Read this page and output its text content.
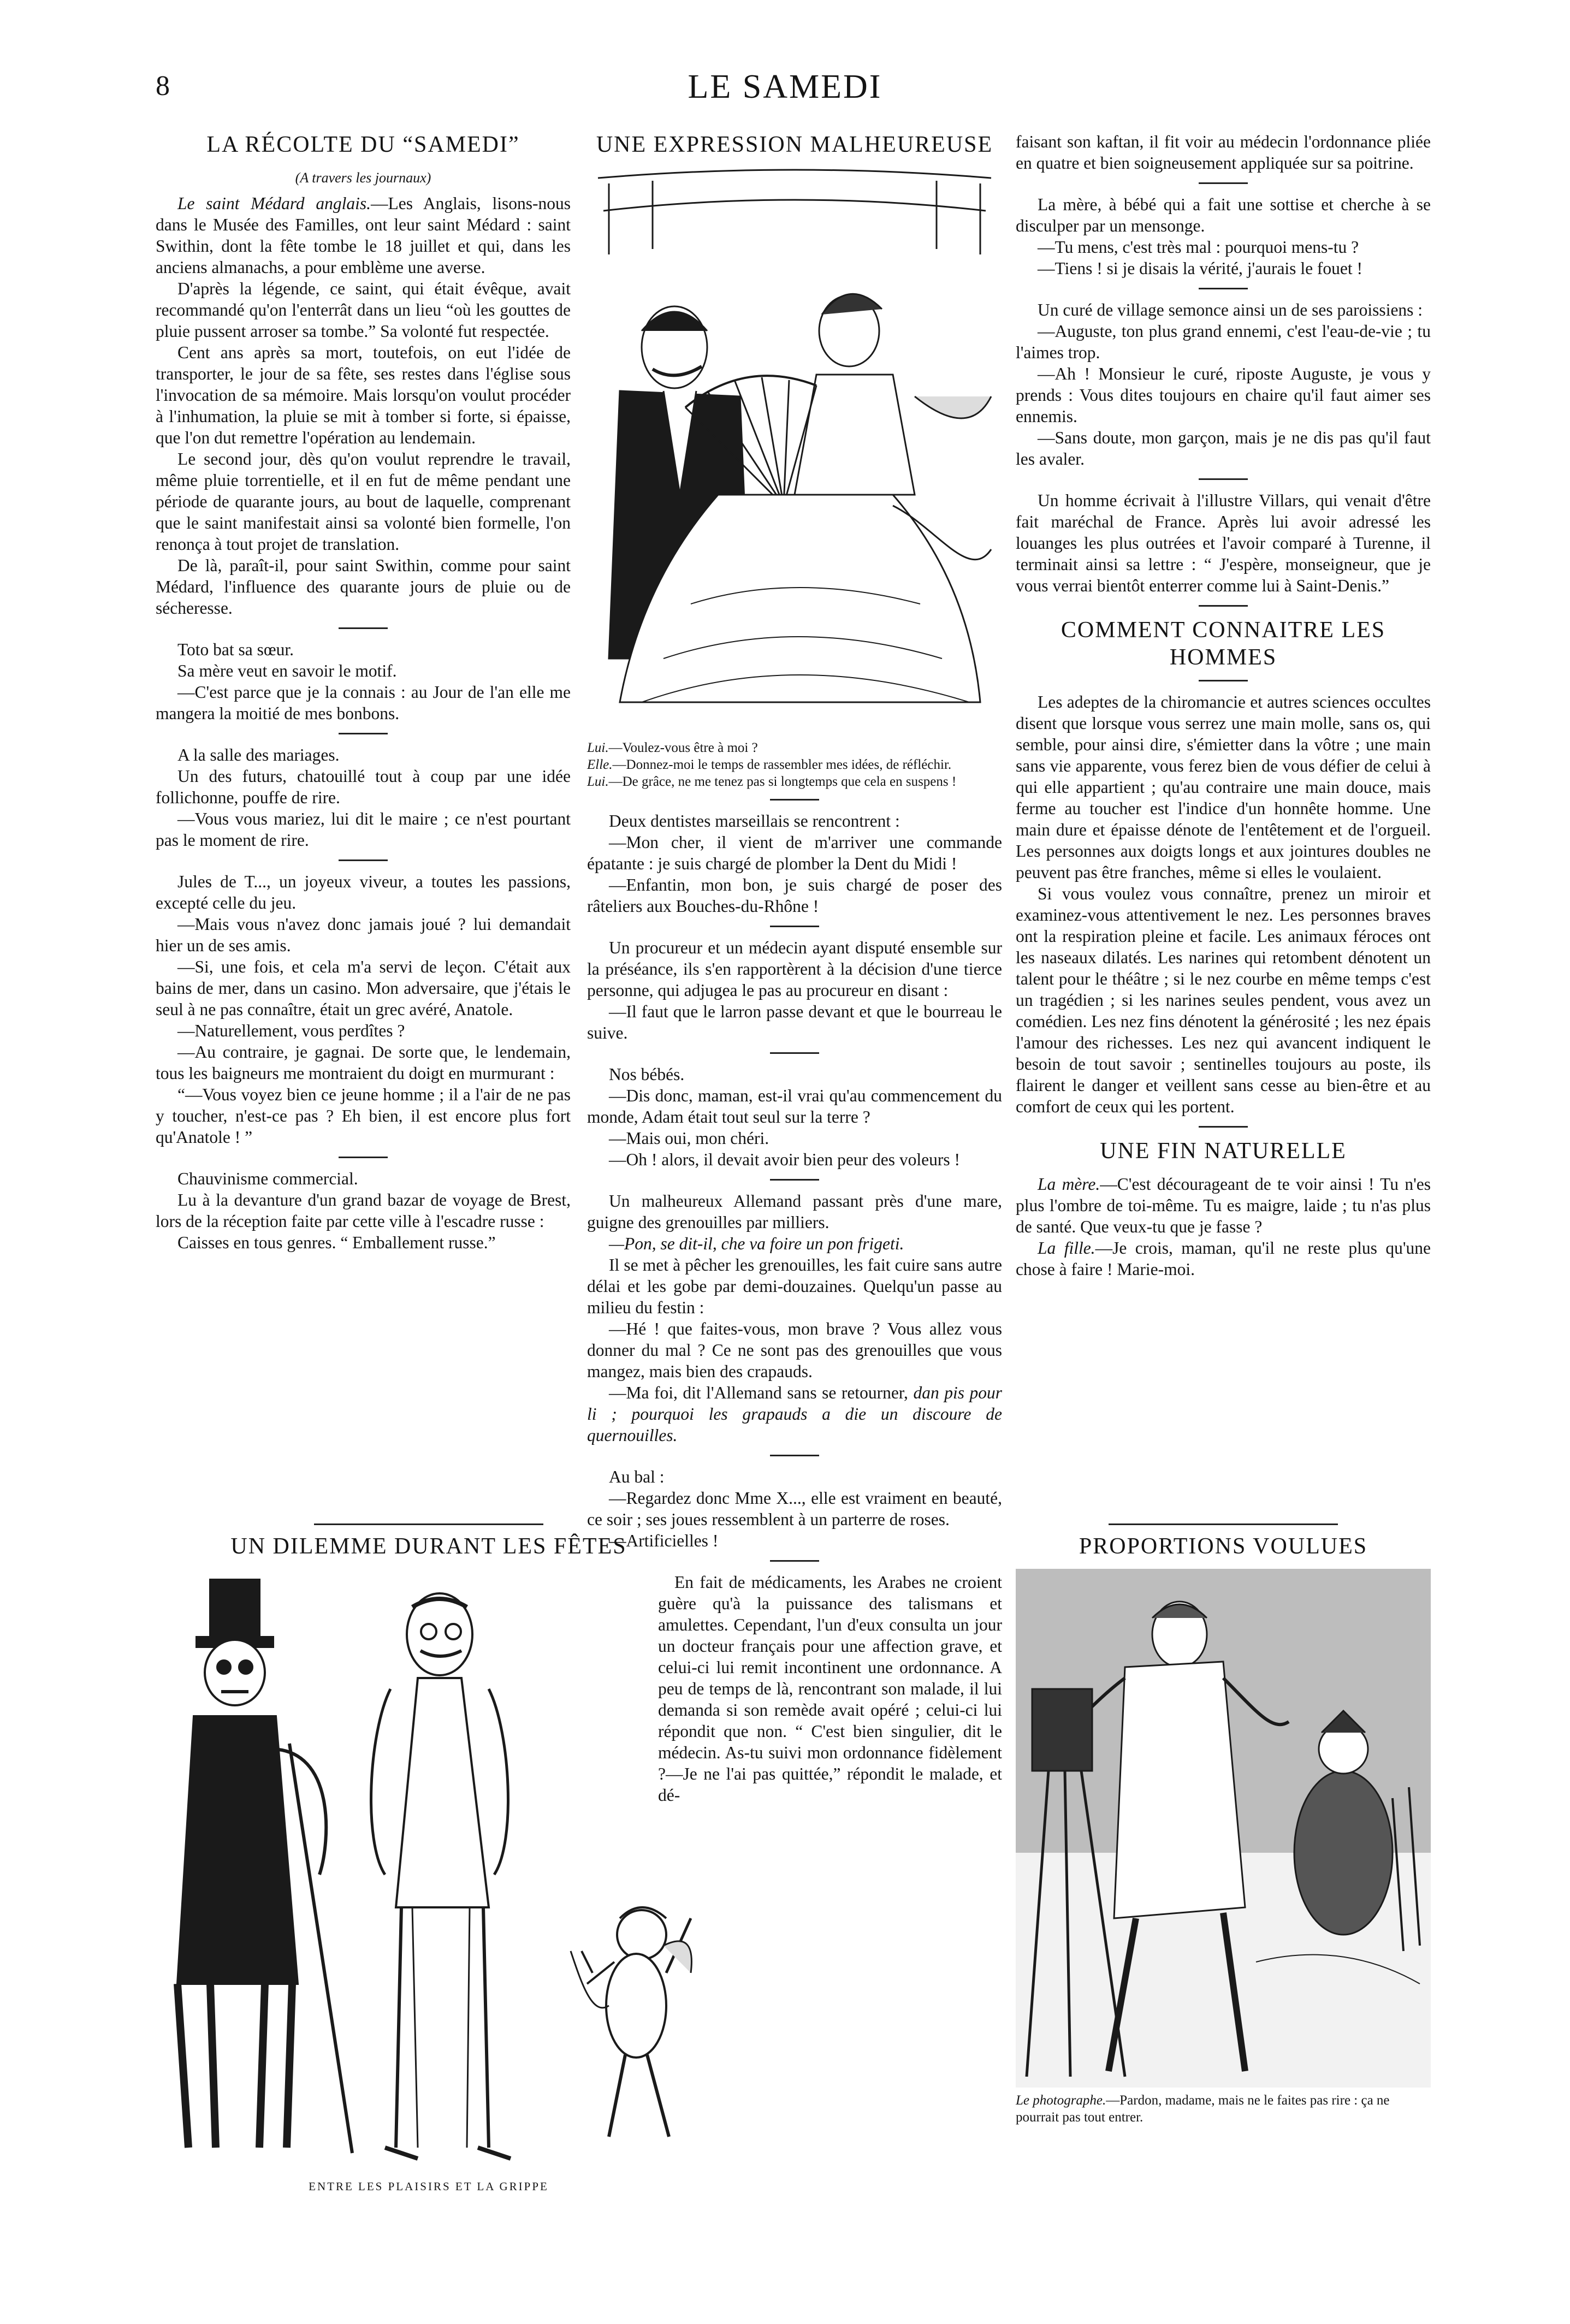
8	LE SAMEDI
LA RÉCOLTE DU “SAMEDI”
(A travers les journaux)

Le saint Médard anglais.—Les Anglais, lisons-nous dans le Musée des Familles, ont leur saint Médard : saint Swithin, dont la fête tombe le 18 juillet et qui, dans les anciens almanachs, a pour emblème une averse.

D'après la légende, ce saint, qui était évêque, avait recommandé qu'on l'enterrât dans un lieu “où les gouttes de pluie pussent arroser sa tombe.” Sa volonté fut respectée.

Cent ans après sa mort, toutefois, on eut l'idée de transporter, le jour de sa fête, ses restes dans l'église sous l'invocation de sa mémoire. Mais lorsqu'on voulut procéder à l'inhumation, la pluie se mit à tomber si forte, si épaisse, que l'on dut remettre l'opération au lendemain.

Le second jour, dès qu'on voulut reprendre le travail, même pluie torrentielle, et il en fut de même pendant une période de quarante jours, au bout de laquelle, comprenant que le saint manifestait ainsi sa volonté bien formelle, l'on renonça à tout projet de translation.

De là, paraît-il, pour saint Swithin, comme pour saint Médard, l'influence des quarante jours de pluie ou de sécheresse.

Toto bat sa sœur.

Sa mère veut en savoir le motif.

—C'est parce que je la connais : au Jour de l'an elle me mangera la moitié de mes bonbons.

A la salle des mariages.

Un des futurs, chatouillé tout à coup par une idée follichonne, pouffe de rire.

—Vous vous mariez, lui dit le maire ; ce n'est pourtant pas le moment de rire.

Jules de T..., un joyeux viveur, a toutes les passions, excepté celle du jeu.

—Mais vous n'avez donc jamais joué ? lui demandait hier un de ses amis.

—Si, une fois, et cela m'a servi de leçon. C'était aux bains de mer, dans un casino. Mon adversaire, que j'étais le seul à ne pas connaître, était un grec avéré, Anatole.

—Naturellement, vous perdîtes ?

—Au contraire, je gagnai. De sorte que, le lendemain, tous les baigneurs me montraient du doigt en murmurant :

“—Vous voyez bien ce jeune homme ; il a l'air de ne pas y toucher, n'est-ce pas ? Eh bien, il est encore plus fort qu'Anatole ! ”

Chauvinisme commercial.

Lu à la devanture d'un grand bazar de voyage de Brest, lors de la réception faite par cette ville à l'escadre russe :

Caisses en tous genres. “ Emballement russe.”

UN DILEMME DURANT LES FÊTES
ENTRE LES PLAISIRS ET LA GRIPPE
UNE EXPRESSION MALHEUREUSE

Lui.—Voulez-vous être à moi ?

Elle.—Donnez-moi le temps de rassembler mes idées, de réfléchir.

Lui.—De grâce, ne me tenez pas si longtemps que cela en suspens !

Deux dentistes marseillais se rencontrent :

—Mon cher, il vient de m'arriver une commande épatante : je suis chargé de plomber la Dent du Midi !

—Enfantin, mon bon, je suis chargé de poser des râteliers aux Bouches-du-Rhône !

Un procureur et un médecin ayant disputé ensemble sur la préséance, ils s'en rapportèrent à la décision d'une tierce personne, qui adjugea le pas au procureur en disant :

—Il faut que le larron passe devant et que le bourreau le suive.

Nos bébés.

—Dis donc, maman, est-il vrai qu'au commencement du monde, Adam était tout seul sur la terre ?

—Mais oui, mon chéri.

—Oh ! alors, il devait avoir bien peur des voleurs !

Un malheureux Allemand passant près d'une mare, guigne des grenouilles par milliers.

—Pon, se dit-il, che va foire un pon frigeti.

Il se met à pêcher les grenouilles, les fait cuire sans autre délai et les gobe par demi-douzaines. Quelqu'un passe au milieu du festin :

—Hé ! que faites-vous, mon brave ? Vous allez vous donner du mal ? Ce ne sont pas des grenouilles que vous mangez, mais bien des crapauds.

—Ma foi, dit l'Allemand sans se retourner, dan pis pour li ; pourquoi les grapauds a die un discoure de quernouilles.

Au bal :

—Regardez donc Mme X..., elle est vraiment en beauté, ce soir ; ses joues ressemblent à un parterre de roses.

—Artificielles !

En fait de médicaments, les Arabes ne croient guère qu'à la puissance des talismans et amulettes. Cependant, l'un d'eux consulta un jour un docteur français pour une affection grave, et celui-ci lui remit incontinent une ordonnance. A peu de temps de là, rencontrant son malade, il lui demanda si son remède avait opéré ; celui-ci lui répondit que non. “ C'est bien singulier, dit le médecin. As-tu suivi mon ordonnance fidèlement ?—Je ne l'ai pas quittée,” répondit le malade, et dé-

faisant son kaftan, il fit voir au médecin l'ordonnance pliée en quatre et bien soigneusement appliquée sur sa poitrine.

La mère, à bébé qui a fait une sottise et cherche à se disculper par un mensonge.

—Tu mens, c'est très mal : pourquoi mens-tu ?

—Tiens ! si je disais la vérité, j'aurais le fouet !

Un curé de village semonce ainsi un de ses paroissiens :

—Auguste, ton plus grand ennemi, c'est l'eau-de-vie ; tu l'aimes trop.

—Ah ! Monsieur le curé, riposte Auguste, je vous y prends : Vous dites toujours en chaire qu'il faut aimer ses ennemis.

—Sans doute, mon garçon, mais je ne dis pas qu'il faut les avaler.

Un homme écrivait à l'illustre Villars, qui venait d'être fait maréchal de France. Après lui avoir adressé les louanges les plus outrées et l'avoir comparé à Turenne, il terminait ainsi sa lettre : “ J'espère, monseigneur, que je vous verrai bientôt enterrer comme lui à Saint-Denis.”

COMMENT CONNAITRE LES HOMMES

Les adeptes de la chiromancie et autres sciences occultes disent que lorsque vous serrez une main molle, sans os, qui semble, pour ainsi dire, s'émietter dans la vôtre ; une main sans vie apparente, vous ferez bien de vous défier de celui à qui elle appartient ; qu'au contraire une main douce, mais ferme au toucher est l'indice d'un honnête homme. Une main dure et épaisse dénote de l'entêtement et de l'orgueil. Les personnes aux doigts longs et aux jointures doubles ne peuvent pas être franches, même si elles le voulaient.

Si vous voulez vous connaître, prenez un miroir et examinez-vous attentivement le nez. Les personnes braves ont la respiration pleine et facile. Les animaux féroces ont les naseaux dilatés. Les narines qui retombent dénotent un talent pour le théâtre ; si le nez courbe en même temps c'est un tragédien ; si les narines seules pendent, vous avez un comédien. Les nez fins dénotent la générosité ; les nez épais l'amour des richesses. Les nez qui avancent indiquent le besoin de tout savoir ; sentinelles toujours au poste, ils flairent le danger et veillent sans cesse au bien-être et au comfort de ceux qui les portent.

UNE FIN NATURELLE

La mère.—C'est décourageant de te voir ainsi ! Tu n'es plus l'ombre de toi-même. Tu es maigre, laide ; tu n'as plus de santé. Que veux-tu que je fasse ?

La fille.—Je crois, maman, qu'il ne reste plus qu'une chose à faire ! Marie-moi.

PROPORTIONS VOULUES

Le photographe.—Pardon, madame, mais ne le faites pas rire : ça ne pourrait pas tout entrer.
